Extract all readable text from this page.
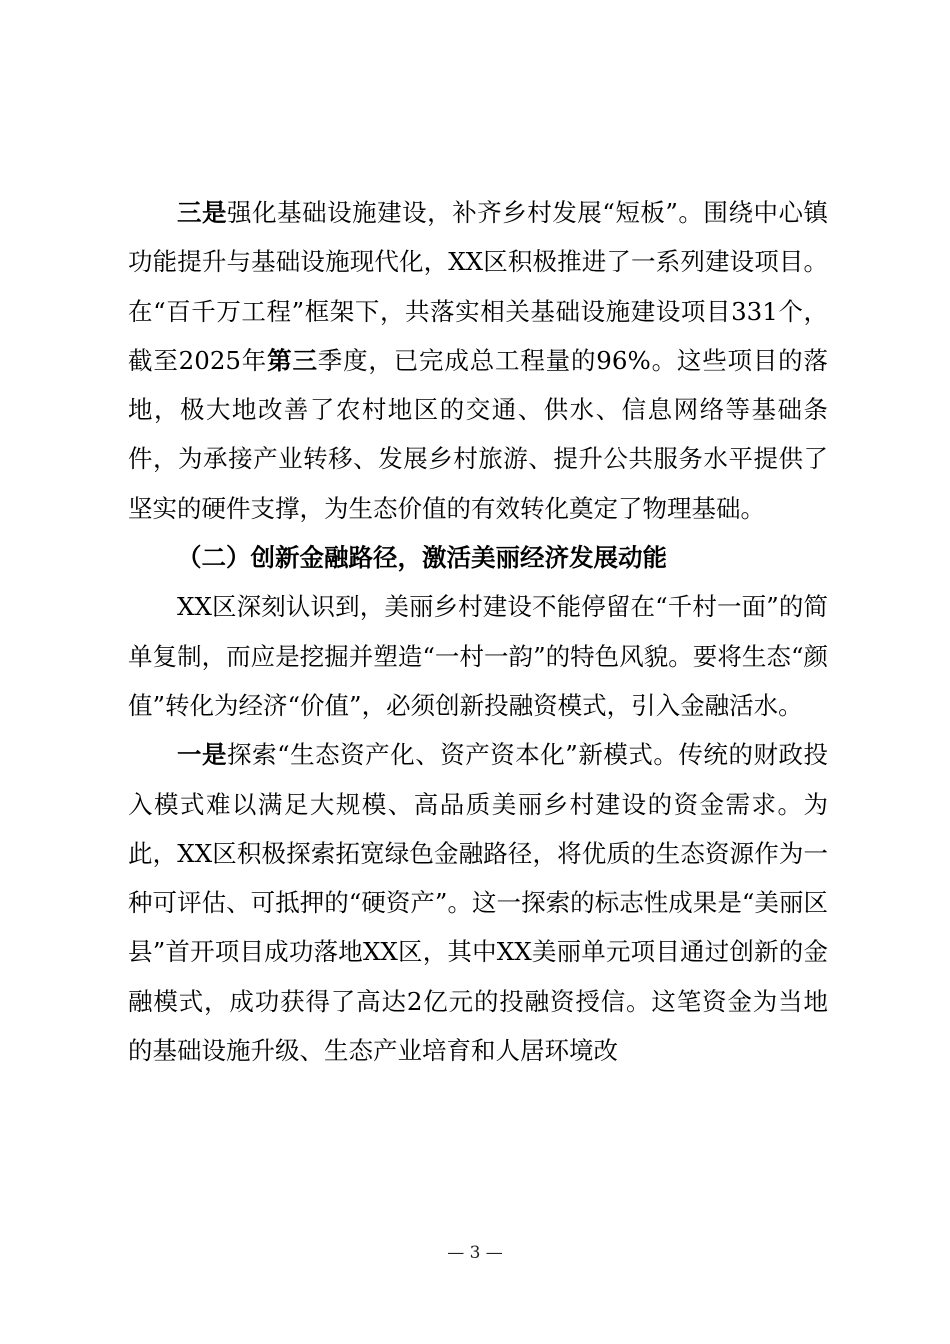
三是强化基础设施建设，补齐乡村发展“短板”。围绕中心镇功能提升与基础设施现代化，XX区积极推进了一系列建设项目。在“百千万工程”框架下，共落实相关基础设施建设项目331个，截至2025年第三季度，已完成总工程量的96%。这些项目的落地，极大地改善了农村地区的交通、供水、信息网络等基础条件，为承接产业转移、发展乡村旅游、提升公共服务水平提供了坚实的硬件支撑，为生态价值的有效转化奠定了物理基础。

（二）创新金融路径，激活美丽经济发展动能

XX区深刻认识到，美丽乡村建设不能停留在“千村一面”的简单复制，而应是挖掘并塑造“一村一韵”的特色风貌。要将生态“颜值”转化为经济“价值”，必须创新投融资模式，引入金融活水。

一是探索“生态资产化、资产资本化”新模式。传统的财政投入模式难以满足大规模、高品质美丽乡村建设的资金需求。为此，XX区积极探索拓宽绿色金融路径，将优质的生态资源作为一种可评估、可抵押的“硬资产”。这一探索的标志性成果是“美丽区县”首开项目成功落地XX区，其中XX美丽单元项目通过创新的金融模式，成功获得了高达2亿元的投融资授信。这笔资金为当地的基础设施升级、生态产业培育和人居环境改

— 3 —
